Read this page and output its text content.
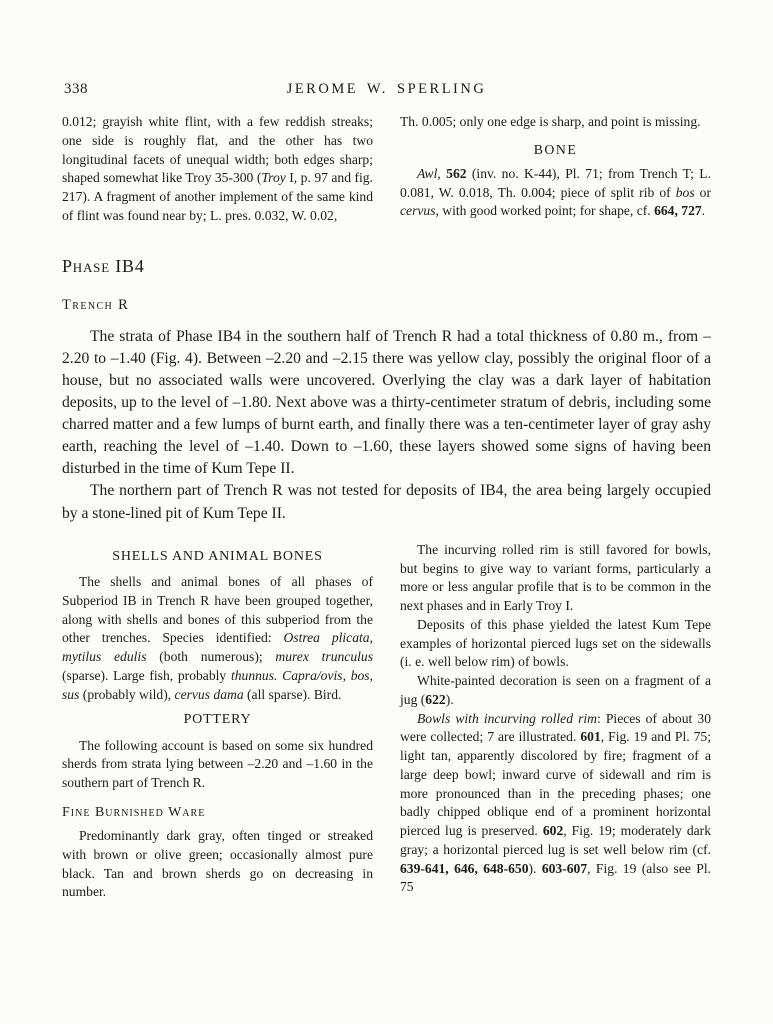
338	JEROME W. SPERLING

0.012; grayish white flint, with a few reddish streaks; one side is roughly flat, and the other has two longitudinal facets of unequal width; both edges sharp; shaped somewhat like Troy 35-300 (Troy I, p. 97 and fig. 217). A fragment of another implement of the same kind of flint was found near by; L. pres. 0.032, W. 0.02,

Th. 0.005; only one edge is sharp, and point is missing.

BONE

Awl, 562 (inv. no. K-44), Pl. 71; from Trench T; L. 0.081, W. 0.018, Th. 0.004; piece of split rib of bos or cervus, with good worked point; for shape, cf. 664, 727.

Phase IB4
Trench R

The strata of Phase IB4 in the southern half of Trench R had a total thickness of 0.80 m., from –2.20 to –1.40 (Fig. 4). Between –2.20 and –2.15 there was yellow clay, possibly the original floor of a house, but no associated walls were uncovered. Overlying the clay was a dark layer of habitation deposits, up to the level of –1.80. Next above was a thirty-centimeter stratum of debris, including some charred matter and a few lumps of burnt earth, and finally there was a ten-centimeter layer of gray ashy earth, reaching the level of –1.40. Down to –1.60, these layers showed some signs of having been disturbed in the time of Kum Tepe II.

The northern part of Trench R was not tested for deposits of IB4, the area being largely occupied by a stone-lined pit of Kum Tepe II.

SHELLS AND ANIMAL BONES

The shells and animal bones of all phases of Subperiod IB in Trench R have been grouped together, along with shells and bones of this subperiod from the other trenches. Species identified: Ostrea plicata, mytilus edulis (both numerous); murex trunculus (sparse). Large fish, probably thunnus. Capra/ovis, bos, sus (probably wild), cervus dama (all sparse). Bird.

POTTERY

The following account is based on some six hundred sherds from strata lying between –2.20 and –1.60 in the southern part of Trench R.

Fine Burnished Ware

Predominantly dark gray, often tinged or streaked with brown or olive green; occasionally almost pure black. Tan and brown sherds go on decreasing in number.

The incurving rolled rim is still favored for bowls, but begins to give way to variant forms, particularly a more or less angular profile that is to be common in the next phases and in Early Troy I.

Deposits of this phase yielded the latest Kum Tepe examples of horizontal pierced lugs set on the sidewalls (i. e. well below rim) of bowls.

White-painted decoration is seen on a fragment of a jug (622).

Bowls with incurving rolled rim: Pieces of about 30 were collected; 7 are illustrated. 601, Fig. 19 and Pl. 75; light tan, apparently discolored by fire; fragment of a large deep bowl; inward curve of sidewall and rim is more pronounced than in the preceding phases; one badly chipped oblique end of a prominent horizontal pierced lug is preserved. 602, Fig. 19; moderately dark gray; a horizontal pierced lug is set well below rim (cf. 639-641, 646, 648-650). 603-607, Fig. 19 (also see Pl. 75
